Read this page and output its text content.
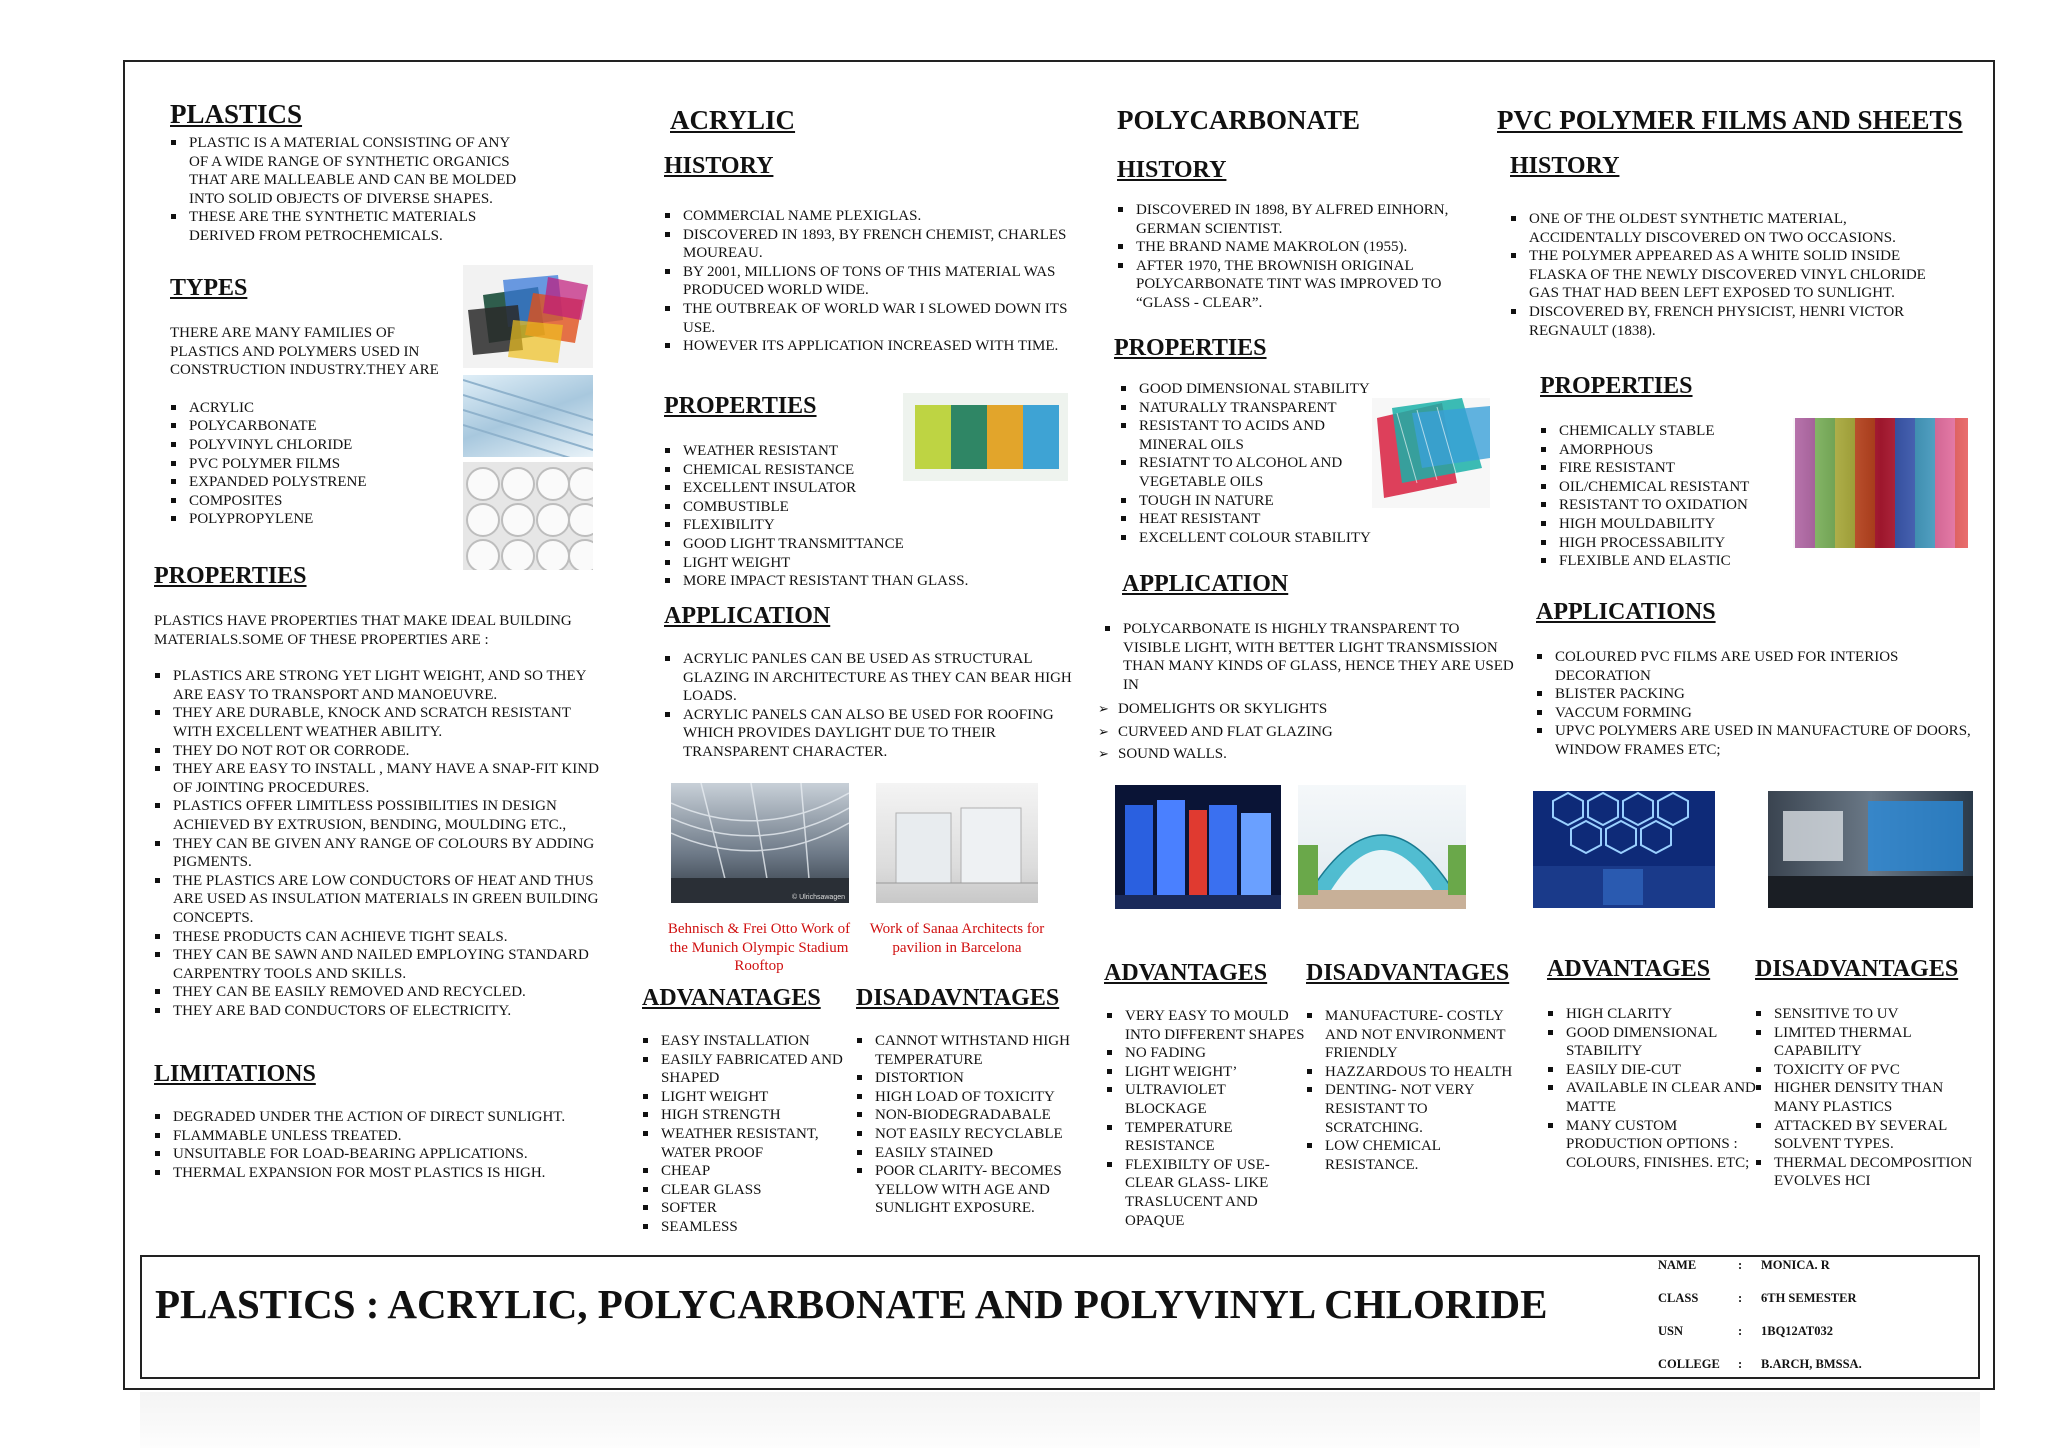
PLASTICS
PLASTIC IS A MATERIAL CONSISTING OF ANY OF A WIDE RANGE OF SYNTHETIC ORGANICS THAT ARE MALLEABLE AND CAN BE MOLDED INTO SOLID OBJECTS OF DIVERSE SHAPES.
THESE ARE THE SYNTHETIC MATERIALS DERIVED FROM PETROCHEMICALS.
TYPES

THERE ARE MANY FAMILIES OF PLASTICS AND POLYMERS USED IN CONSTRUCTION INDUSTRY.THEY ARE

ACRYLIC
POLYCARBONATE
POLYVINYL CHLORIDE
PVC POLYMER FILMS
EXPANDED POLYSTRENE
COMPOSITES
POLYPROPYLENE
PROPERTIES

PLASTICS HAVE PROPERTIES THAT MAKE IDEAL BUILDING MATERIALS.SOME OF THESE PROPERTIES ARE :

PLASTICS ARE STRONG YET LIGHT WEIGHT, AND SO THEY ARE EASY TO TRANSPORT AND MANOEUVRE.
THEY ARE DURABLE, KNOCK AND SCRATCH RESISTANT WITH EXCELLENT WEATHER ABILITY.
THEY DO NOT ROT OR CORRODE.
THEY ARE EASY TO INSTALL , MANY HAVE A SNAP-FIT KIND OF JOINTING PROCEDURES.
PLASTICS OFFER LIMITLESS POSSIBILITIES IN DESIGN ACHIEVED BY EXTRUSION, BENDING, MOULDING ETC.,
THEY CAN BE GIVEN ANY RANGE OF COLOURS BY ADDING PIGMENTS.
THE PLASTICS ARE LOW CONDUCTORS OF HEAT AND THUS ARE USED AS INSULATION MATERIALS IN GREEN BUILDING CONCEPTS.
THESE PRODUCTS CAN ACHIEVE TIGHT SEALS.
THEY CAN BE SAWN AND NAILED EMPLOYING STANDARD CARPENTRY TOOLS AND SKILLS.
THEY CAN BE EASILY REMOVED AND RECYCLED.
THEY ARE BAD CONDUCTORS OF ELECTRICITY.
LIMITATIONS
DEGRADED UNDER THE ACTION OF DIRECT SUNLIGHT.
FLAMMABLE UNLESS TREATED.
UNSUITABLE FOR LOAD-BEARING APPLICATIONS.
THERMAL EXPANSION FOR MOST PLASTICS IS HIGH.
ACRYLIC
HISTORY
COMMERCIAL NAME PLEXIGLAS.
DISCOVERED IN 1893, BY FRENCH CHEMIST, CHARLES MOUREAU.
BY 2001, MILLIONS OF TONS OF THIS MATERIAL WAS PRODUCED WORLD WIDE.
THE OUTBREAK OF WORLD WAR I SLOWED DOWN ITS USE.
HOWEVER ITS APPLICATION INCREASED WITH TIME.
PROPERTIES
WEATHER RESISTANT
CHEMICAL RESISTANCE
EXCELLENT INSULATOR
COMBUSTIBLE
FLEXIBILITY
GOOD LIGHT TRANSMITTANCE
LIGHT WEIGHT
MORE IMPACT RESISTANT THAN GLASS.
APPLICATION
ACRYLIC PANLES CAN BE USED AS STRUCTURAL GLAZING IN ARCHITECTURE AS THEY CAN BEAR HIGH LOADS.
ACRYLIC PANELS CAN ALSO BE USED FOR ROOFING WHICH PROVIDES DAYLIGHT DUE TO THEIR TRANSPARENT CHARACTER.
© Ulrichsawagen
Behnisch & Frei Otto Work of the Munich Olympic Stadium Rooftop
Work of Sanaa Architects for pavilion in Barcelona
ADVANATAGES
EASY INSTALLATION
EASILY FABRICATED AND SHAPED
LIGHT WEIGHT
HIGH STRENGTH
WEATHER RESISTANT, WATER PROOF
CHEAP
CLEAR GLASS
SOFTER
SEAMLESS
DISADAVNTAGES
CANNOT WITHSTAND HIGH TEMPERATURE
DISTORTION
HIGH LOAD OF TOXICITY
NON-BIODEGRADABALE
NOT EASILY RECYCLABLE
EASILY STAINED
POOR CLARITY- BECOMES YELLOW WITH AGE AND SUNLIGHT EXPOSURE.
POLYCARBONATE
HISTORY
DISCOVERED IN 1898, BY ALFRED EINHORN, GERMAN SCIENTIST.
THE BRAND NAME MAKROLON (1955).
AFTER 1970, THE BROWNISH ORIGINAL POLYCARBONATE TINT WAS IMPROVED TO “GLASS - CLEAR”.
PROPERTIES
GOOD DIMENSIONAL STABILITY
NATURALLY TRANSPARENT
RESISTANT TO ACIDS AND MINERAL OILS
RESIATNT TO ALCOHOL AND VEGETABLE OILS
TOUGH IN NATURE
HEAT RESISTANT
EXCELLENT COLOUR STABILITY
APPLICATION
POLYCARBONATE IS HIGHLY TRANSPARENT TO VISIBLE LIGHT, WITH BETTER LIGHT TRANSMISSION THAN MANY KINDS OF GLASS, HENCE THEY ARE USED IN
➢ DOMELIGHTS OR SKYLIGHTS
➢ CURVEED AND FLAT GLAZING
➢ SOUND WALLS.
ADVANTAGES
VERY EASY TO MOULD INTO DIFFERENT SHAPES
NO FADING
LIGHT WEIGHT’
ULTRAVIOLET BLOCKAGE
TEMPERATURE RESISTANCE
FLEXIBILTY OF USE- CLEAR GLASS- LIKE TRASLUCENT AND OPAQUE
DISADVANTAGES
MANUFACTURE- COSTLY AND NOT ENVIRONMENT FRIENDLY
HAZZARDOUS TO HEALTH
DENTING- NOT VERY RESISTANT TO SCRATCHING.
LOW CHEMICAL RESISTANCE.
PVC POLYMER FILMS AND SHEETS
HISTORY
ONE OF THE OLDEST SYNTHETIC MATERIAL, ACCIDENTALLY DISCOVERED ON TWO OCCASIONS.
THE POLYMER APPEARED AS A WHITE SOLID INSIDE FLASKA OF THE NEWLY DISCOVERED VINYL CHLORIDE GAS THAT HAD BEEN LEFT EXPOSED TO SUNLIGHT.
DISCOVERED BY, FRENCH PHYSICIST, HENRI VICTOR REGNAULT (1838).
PROPERTIES
CHEMICALLY STABLE
AMORPHOUS
FIRE RESISTANT
OIL/CHEMICAL RESISTANT
RESISTANT TO OXIDATION
HIGH MOULDABILITY
HIGH PROCESSABILITY
FLEXIBLE AND ELASTIC
APPLICATIONS
COLOURED PVC FILMS ARE USED FOR INTERIOS DECORATION
BLISTER PACKING
VACCUM FORMING
UPVC POLYMERS ARE USED IN MANUFACTURE OF DOORS, WINDOW FRAMES ETC;
ADVANTAGES
HIGH CLARITY
GOOD DIMENSIONAL STABILITY
EASILY DIE-CUT
AVAILABLE IN CLEAR AND MATTE
MANY CUSTOM PRODUCTION OPTIONS : COLOURS, FINISHES. ETC;
DISADVANTAGES
SENSITIVE TO UV
LIMITED THERMAL CAPABILITY
TOXICITY OF PVC
HIGHER DENSITY THAN MANY PLASTICS
ATTACKED BY SEVERAL SOLVENT TYPES.
THERMAL DECOMPOSITION EVOLVES HCI
PLASTICS : ACRYLIC, POLYCARBONATE AND POLYVINYL CHLORIDE
NAME	: MONICA. R
CLASS	: 6TH SEMESTER
USN	: 1BQ12AT032
COLLEGE : B.ARCH, BMSSA.
